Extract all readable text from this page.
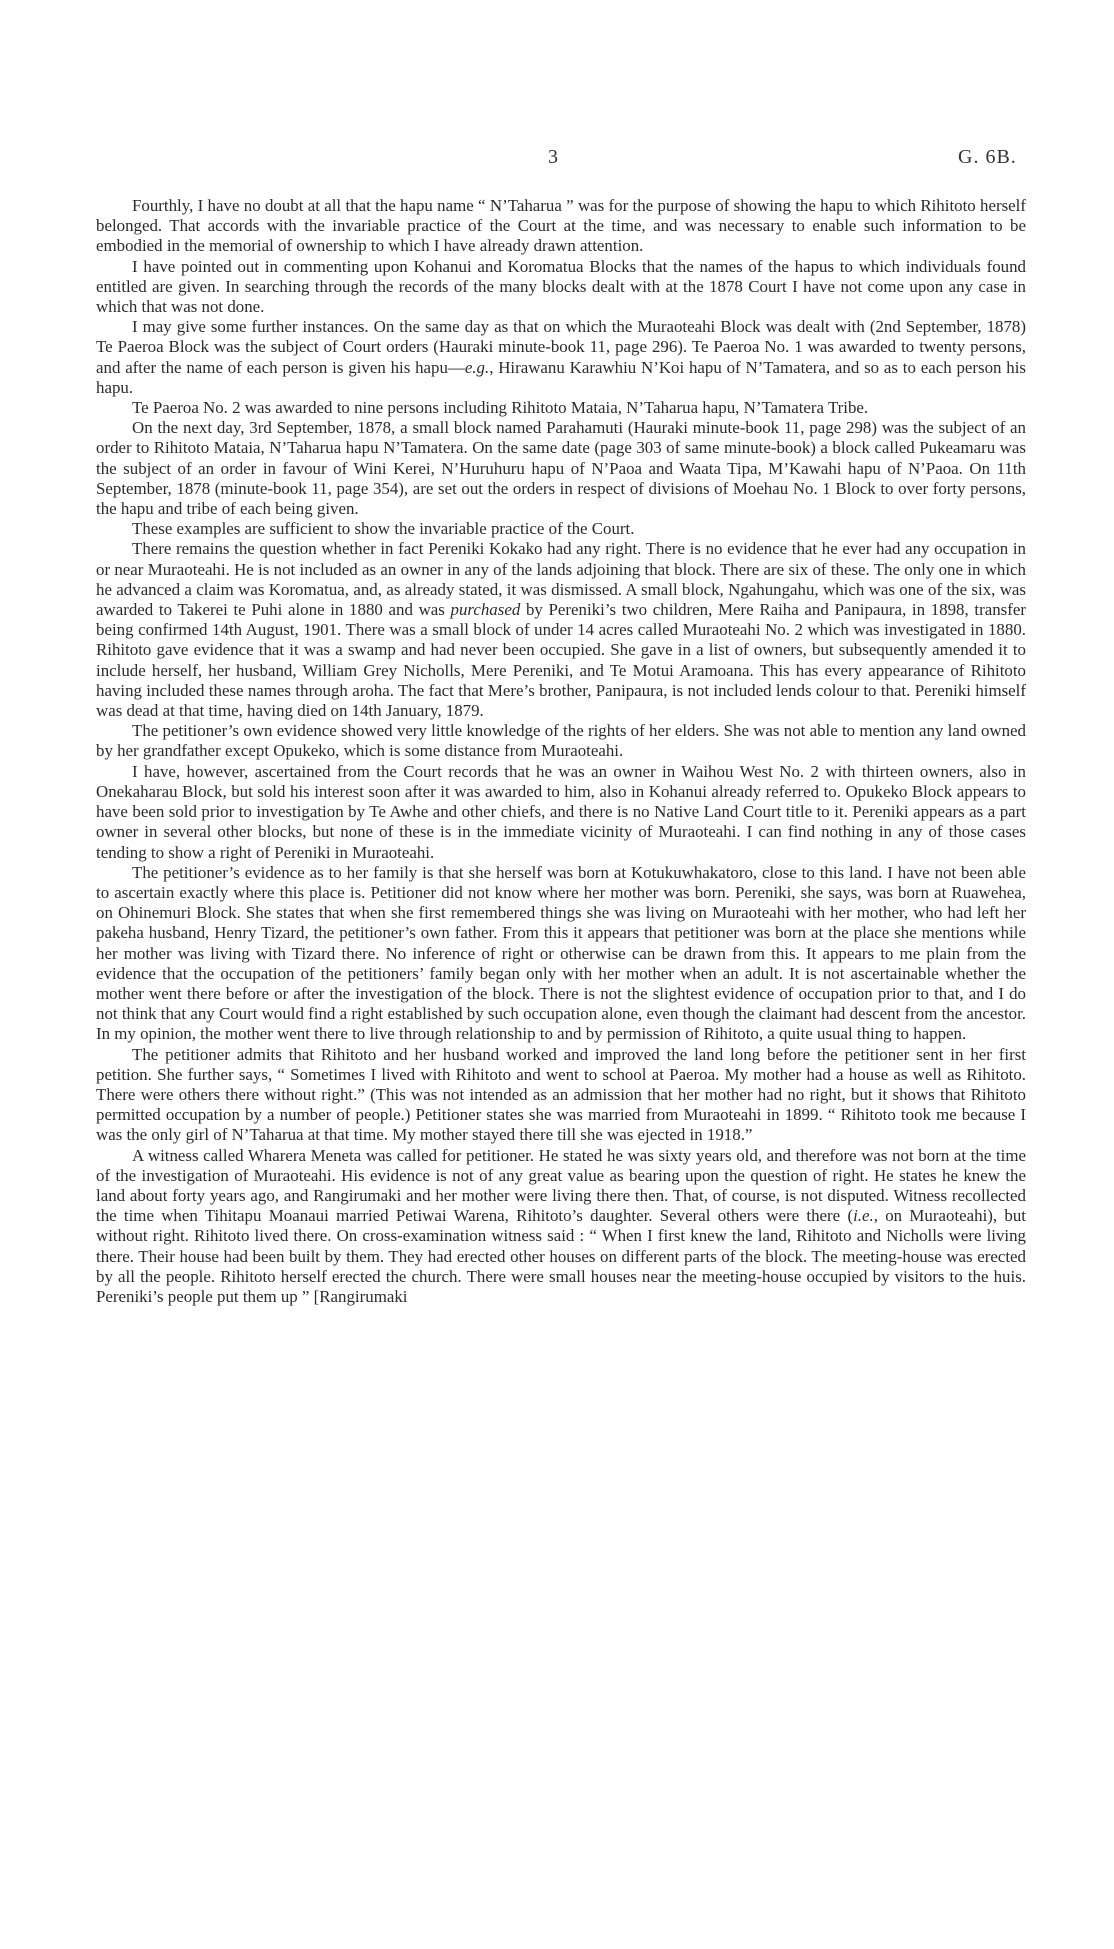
3	G. 6B.

Fourthly, I have no doubt at all that the hapu name “ N’Taharua ” was for the purpose of showing the hapu to which Rihitoto herself belonged. That accords with the invariable practice of the Court at the time, and was necessary to enable such information to be embodied in the memorial of ownership to which I have already drawn attention.

I have pointed out in commenting upon Kohanui and Koromatua Blocks that the names of the hapus to which individuals found entitled are given. In searching through the records of the many blocks dealt with at the 1878 Court I have not come upon any case in which that was not done.

I may give some further instances. On the same day as that on which the Muraoteahi Block was dealt with (2nd September, 1878) Te Paeroa Block was the subject of Court orders (Hauraki minute-book 11, page 296). Te Paeroa No. 1 was awarded to twenty persons, and after the name of each person is given his hapu—e.g., Hirawanu Karawhiu N’Koi hapu of N’Tamatera, and so as to each person his hapu.

Te Paeroa No. 2 was awarded to nine persons including Rihitoto Mataia, N’Taharua hapu, N’Tamatera Tribe.

On the next day, 3rd September, 1878, a small block named Parahamuti (Hauraki minute-book 11, page 298) was the subject of an order to Rihitoto Mataia, N’Taharua hapu N’Tamatera. On the same date (page 303 of same minute-book) a block called Pukeamaru was the subject of an order in favour of Wini Kerei, N’Huruhuru hapu of N’Paoa and Waata Tipa, M’Kawahi hapu of N’Paoa. On 11th September, 1878 (minute-book 11, page 354), are set out the orders in respect of divisions of Moehau No. 1 Block to over forty persons, the hapu and tribe of each being given.

These examples are sufficient to show the invariable practice of the Court.

There remains the question whether in fact Pereniki Kokako had any right. There is no evidence that he ever had any occupation in or near Muraoteahi. He is not included as an owner in any of the lands adjoining that block. There are six of these. The only one in which he advanced a claim was Koromatua, and, as already stated, it was dismissed. A small block, Ngahungahu, which was one of the six, was awarded to Takerei te Puhi alone in 1880 and was purchased by Pereniki’s two children, Mere Raiha and Panipaura, in 1898, transfer being confirmed 14th August, 1901. There was a small block of under 14 acres called Muraoteahi No. 2 which was investigated in 1880. Rihitoto gave evidence that it was a swamp and had never been occupied. She gave in a list of owners, but subsequently amended it to include herself, her husband, William Grey Nicholls, Mere Pereniki, and Te Motui Aramoana. This has every appearance of Rihitoto having included these names through aroha. The fact that Mere’s brother, Panipaura, is not included lends colour to that. Pereniki himself was dead at that time, having died on 14th January, 1879.

The petitioner’s own evidence showed very little knowledge of the rights of her elders. She was not able to mention any land owned by her grandfather except Opukeko, which is some distance from Muraoteahi.

I have, however, ascertained from the Court records that he was an owner in Waihou West No. 2 with thirteen owners, also in Onekaharau Block, but sold his interest soon after it was awarded to him, also in Kohanui already referred to. Opukeko Block appears to have been sold prior to investigation by Te Awhe and other chiefs, and there is no Native Land Court title to it. Pereniki appears as a part owner in several other blocks, but none of these is in the immediate vicinity of Muraoteahi. I can find nothing in any of those cases tending to show a right of Pereniki in Muraoteahi.

The petitioner’s evidence as to her family is that she herself was born at Kotukuwhakatoro, close to this land. I have not been able to ascertain exactly where this place is. Petitioner did not know where her mother was born. Pereniki, she says, was born at Ruawehea, on Ohinemuri Block. She states that when she first remembered things she was living on Muraoteahi with her mother, who had left her pakeha husband, Henry Tizard, the petitioner’s own father. From this it appears that petitioner was born at the place she mentions while her mother was living with Tizard there. No inference of right or otherwise can be drawn from this. It appears to me plain from the evidence that the occupation of the petitioners’ family began only with her mother when an adult. It is not ascertainable whether the mother went there before or after the investigation of the block. There is not the slightest evidence of occupation prior to that, and I do not think that any Court would find a right established by such occupation alone, even though the claimant had descent from the ancestor. In my opinion, the mother went there to live through relationship to and by permission of Rihitoto, a quite usual thing to happen.

The petitioner admits that Rihitoto and her husband worked and improved the land long before the petitioner sent in her first petition. She further says, “ Sometimes I lived with Rihitoto and went to school at Paeroa. My mother had a house as well as Rihitoto. There were others there without right.” (This was not intended as an admission that her mother had no right, but it shows that Rihitoto permitted occupation by a number of people.) Petitioner states she was married from Muraoteahi in 1899. “ Rihitoto took me because I was the only girl of N’Taharua at that time. My mother stayed there till she was ejected in 1918.”

A witness called Wharera Meneta was called for petitioner. He stated he was sixty years old, and therefore was not born at the time of the investigation of Muraoteahi. His evidence is not of any great value as bearing upon the question of right. He states he knew the land about forty years ago, and Rangirumaki and her mother were living there then. That, of course, is not disputed. Witness recollected the time when Tihitapu Moanaui married Petiwai Warena, Rihitoto’s daughter. Several others were there (i.e., on Muraoteahi), but without right. Rihitoto lived there. On cross-examination witness said : “ When I first knew the land, Rihitoto and Nicholls were living there. Their house had been built by them. They had erected other houses on different parts of the block. The meeting-house was erected by all the people. Rihitoto herself erected the church. There were small houses near the meeting-house occupied by visitors to the huis. Pereniki’s people put them up ” [Rangirumaki
